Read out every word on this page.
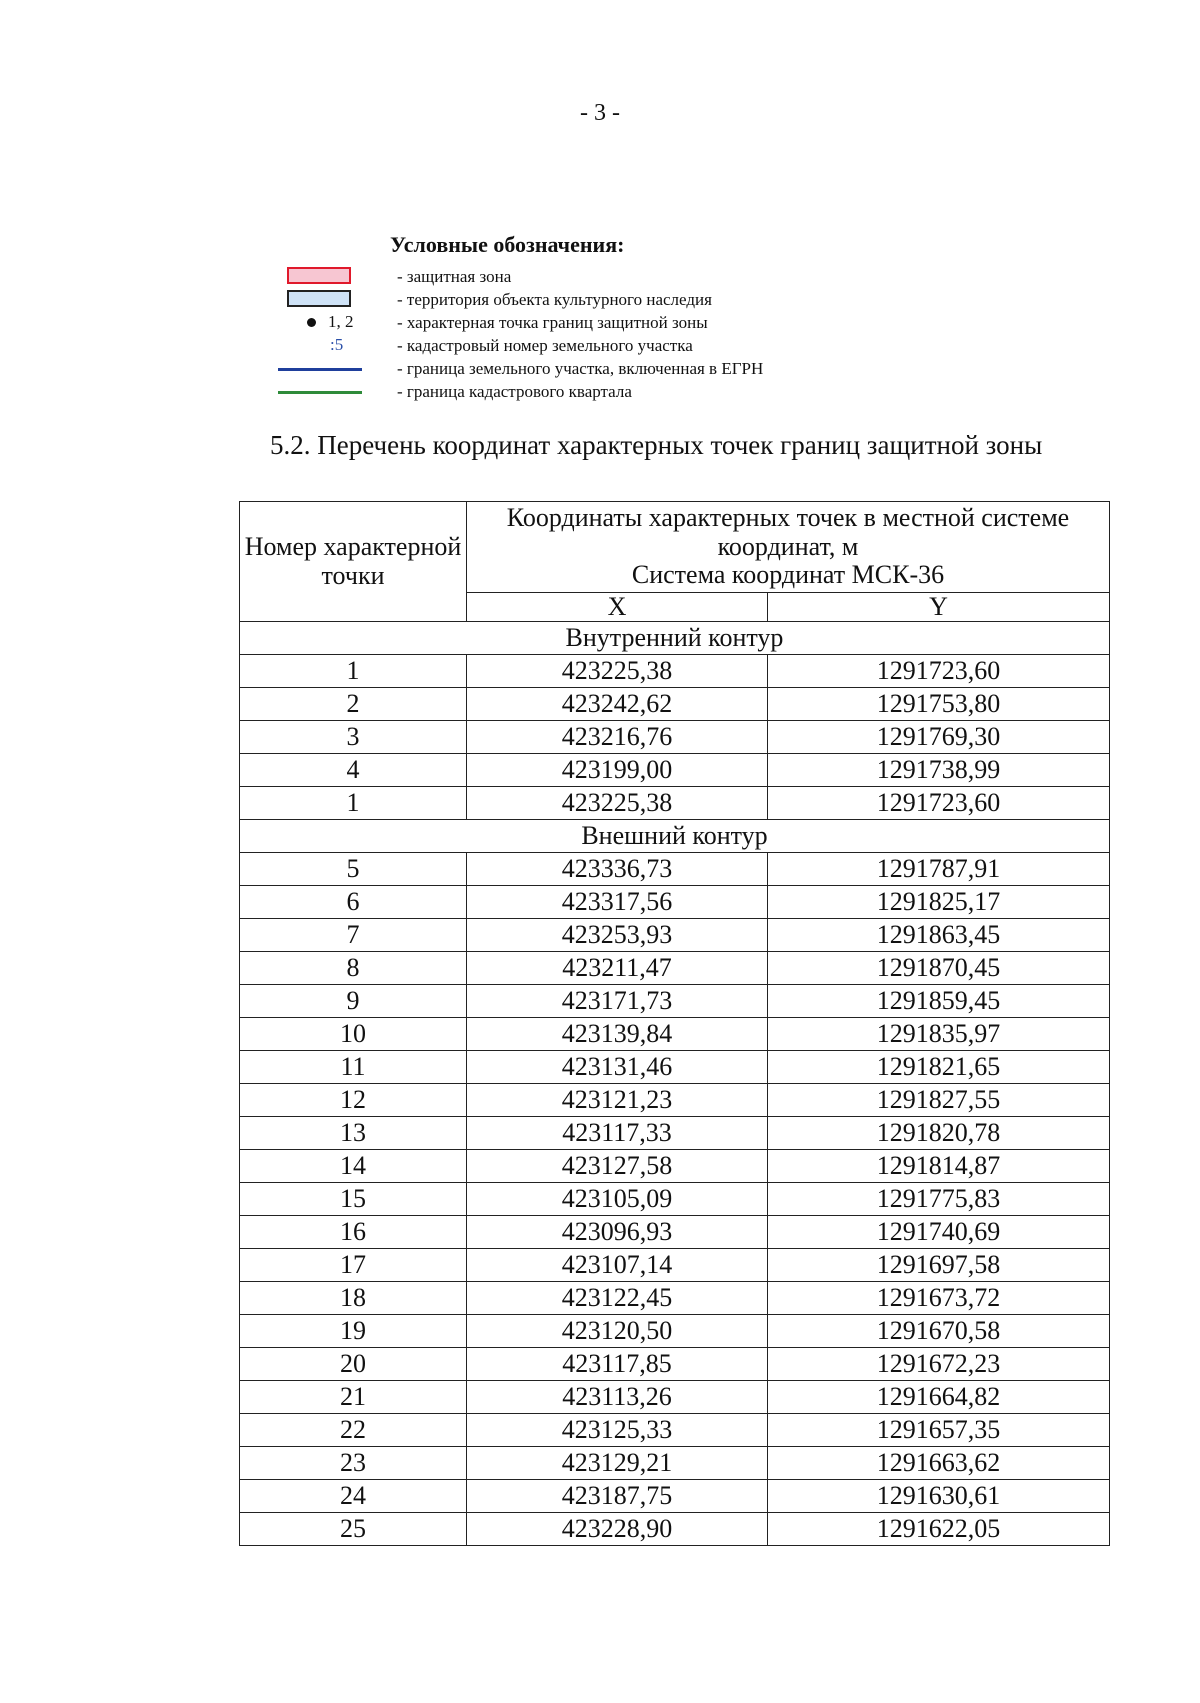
- 3 -
Условные обозначения:
- защитная зона
- территория объекта культурного наследия
1, 2	- характерная точка границ защитной зоны
:5	- кадастровый номер земельного участка
- граница земельного участка, включенная в ЕГРН
- граница кадастрового квартала
5.2. Перечень координат характерных точек границ защитной зоны
Номер характерной точки	Координаты характерных точек в местной системе координат, м
Система координат МСК-36	

	X	Y
Внутренний контур		
1	423225,38	1291723,60
2	423242,62	1291753,80
3	423216,76	1291769,30
4	423199,00	1291738,99
1	423225,38	1291723,60
Внешний контур		
5	423336,73	1291787,91
6	423317,56	1291825,17
7	423253,93	1291863,45
8	423211,47	1291870,45
9	423171,73	1291859,45
10	423139,84	1291835,97
11	423131,46	1291821,65
12	423121,23	1291827,55
13	423117,33	1291820,78
14	423127,58	1291814,87
15	423105,09	1291775,83
16	423096,93	1291740,69
17	423107,14	1291697,58
18	423122,45	1291673,72
19	423120,50	1291670,58
20	423117,85	1291672,23
21	423113,26	1291664,82
22	423125,33	1291657,35
23	423129,21	1291663,62
24	423187,75	1291630,61
25	423228,90	1291622,05
